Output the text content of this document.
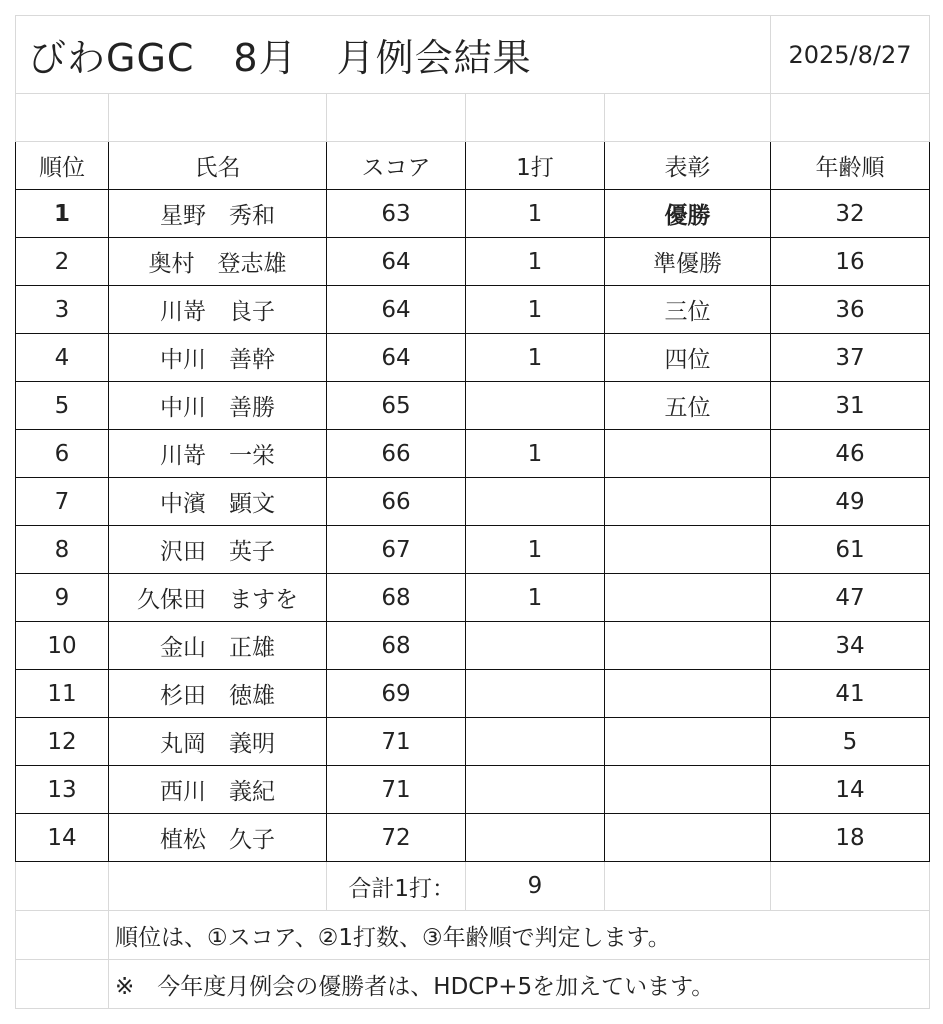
びわGGC　8月　月例会結果					2025/8/27

順位	氏名	スコア	1打	表彰	年齢順
1	星野　秀和	63	1	優勝	32
2	奥村　登志雄	64	1	準優勝	16
3	川嵜　良子	64	1	三位	36
4	中川　善幹	64	1	四位	37
5	中川　善勝	65		五位	31
6	川嵜　一栄	66	1		46
7	中濱　顕文	66			49
8	沢田　英子	67	1		61
9	久保田　ますを	68	1		47
10	金山　正雄	68			34
11	杉田　徳雄	69			41
12	丸岡　義明	71			5
13	西川　義紀	71			14
14	植松　久子	72			18
		合計1打：	9		
	順位は、①スコア、②1打数、③年齢順で判定します。				
	※　今年度月例会の優勝者は、HDCP+5を加えています。				
